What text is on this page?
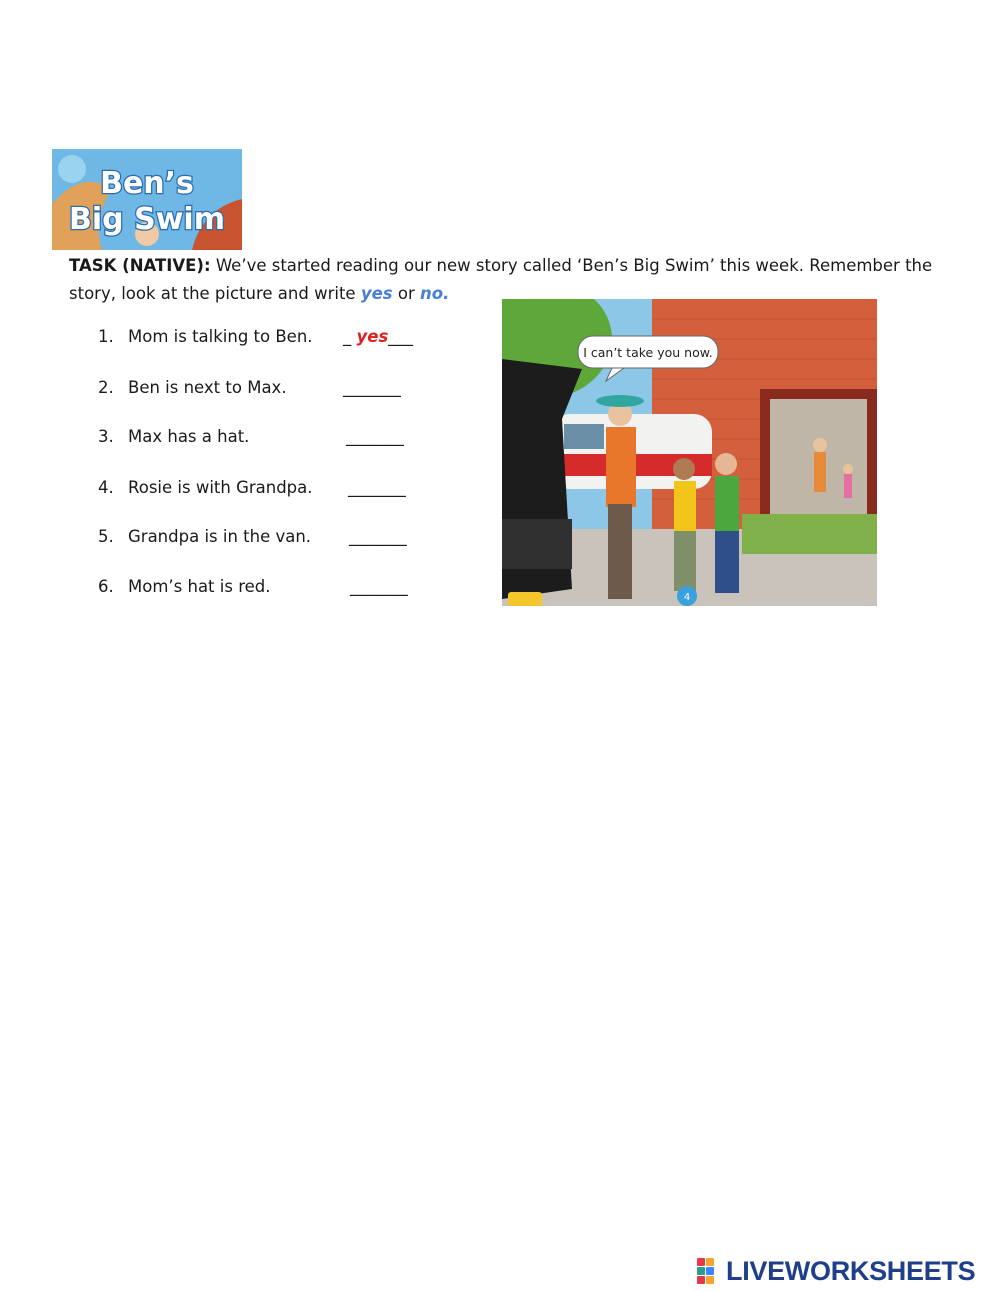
Ben’s
Big Swim
TASK (NATIVE): We’ve started reading our new story called ‘Ben’s Big Swim’ this week. Remember the story, look at the picture and write yes or no.
1. Mom is talking to Ben. _ yes___
2. Ben is next to Max.	_______
3. Max has a hat.	_______
4. Rosie is with Grandpa. _______
5. Grandpa is in the van. _______
6. Mom’s hat is red.	_______
I can’t take you now.
4
LIVEWORKSHEETS
